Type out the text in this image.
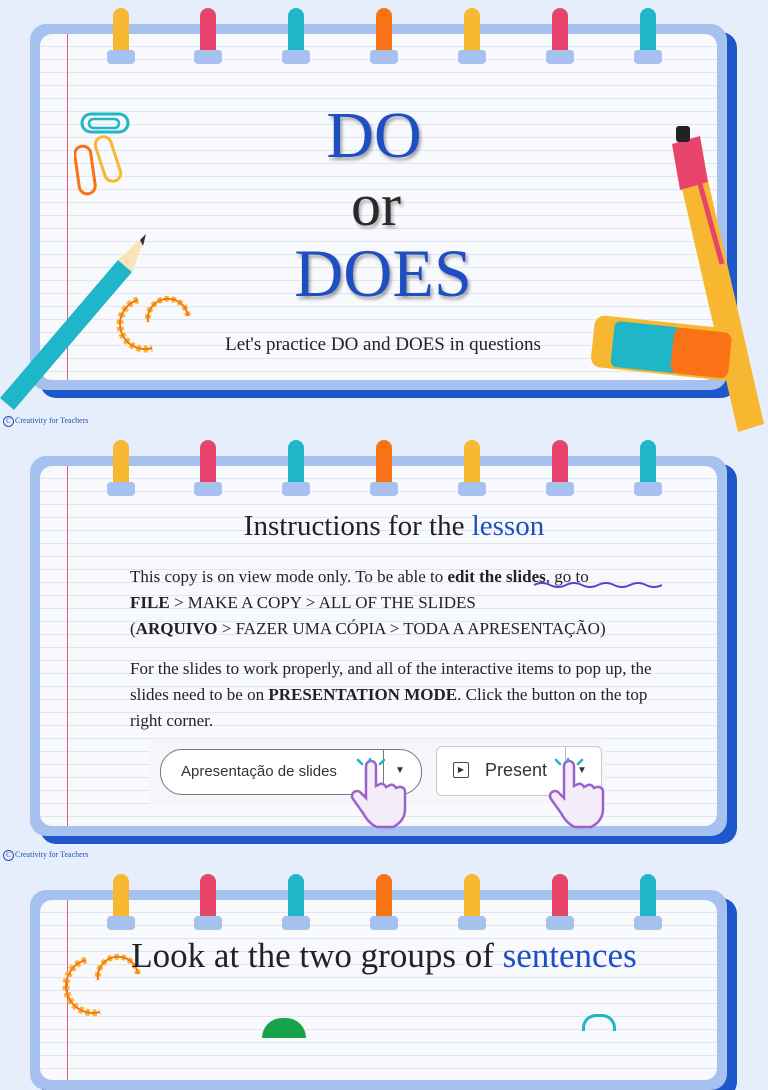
DO
or
DOES
Let's practice DO and DOES in questions
C Creativity for Teachers
Instructions for the lesson
This copy is on view mode only. To be able to edit the slides, go to
FILE > MAKE A COPY > ALL OF THE SLIDES
(ARQUIVO > FAZER UMA CÓPIA > TODA A APRESENTAÇÃO)
For the slides to work properly, and all of the interactive items to pop up, the slides need to be on PRESENTATION MODE. Click the button on the top right corner.
Apresentação de slides	▼	▶ Present	▼
C Creativity for Teachers
Look at the two groups of sentences
